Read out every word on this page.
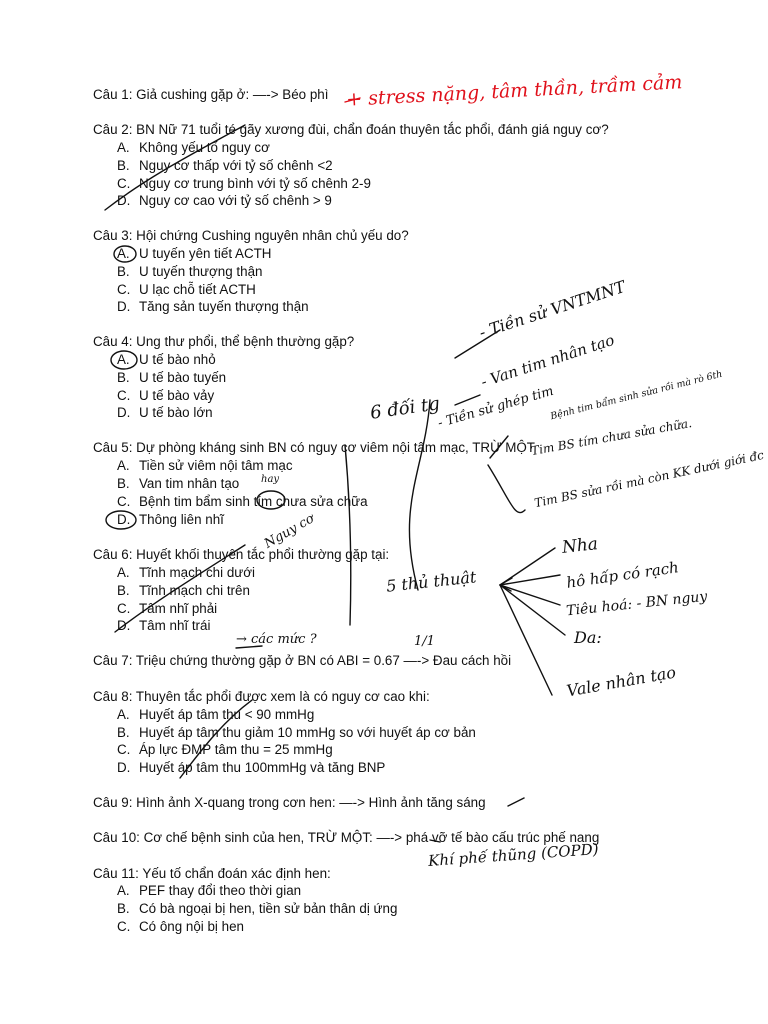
Câu 1: Giả cushing gặp ở: —-> Béo phì + stress nặng, tâm thần, trầm cảm
Câu 2: BN Nữ 71 tuổi té gãy xương đùi, chẩn đoán thuyên tắc phổi, đánh giá nguy cơ?
A. Không yếu tố nguy cơ
B. Nguy cơ thấp với tỷ số chênh <2
C. Nguy cơ trung bình với tỷ số chênh 2-9
D. Nguy cơ cao với tỷ số chênh > 9
Câu 3: Hội chứng Cushing nguyên nhân chủ yếu do?
A. U tuyến yên tiết ACTH
B. U tuyến thượng thận
C. U lạc chỗ tiết ACTH
D. Tăng sản tuyến thượng thận
Câu 4: Ung thư phổi, thể bệnh thường gặp?
A. U tế bào nhỏ
B. U tế bào tuyến
C. U tế bào vảy
D. U tế bào lớn
Câu 5: Dự phòng kháng sinh BN có nguy cơ viêm nội tâm mạc, TRỪ MỘT
A. Tiền sử viêm nội tâm mạc
B. Van tim nhân tạo
C. Bệnh tim bẩm sinh tím chưa sửa chữa
D. Thông liên nhĩ
Câu 6: Huyết khối thuyên tắc phổi thường gặp tại:
A. Tĩnh mạch chi dưới
B. Tĩnh mạch chi trên
C. Tâm nhĩ phải
D. Tâm nhĩ trái
Câu 7: Triệu chứng thường gặp ở BN có ABI = 0.67 —-> Đau cách hồi
Câu 8: Thuyên tắc phổi được xem là có nguy cơ cao khi:
A. Huyết áp tâm thu < 90 mmHg
B. Huyết áp tâm thu giảm 10 mmHg so với huyết áp cơ bản
C. Áp lực ĐMP tâm thu = 25 mmHg
D. Huyết áp tâm thu 100mmHg và tăng BNP
Câu 9: Hình ảnh X-quang trong cơn hen: —-> Hình ảnh tăng sáng
Câu 10: Cơ chế bệnh sinh của hen, TRỪ MỘT: —-> phá vỡ tế bào cấu trúc phế nang
Câu 11: Yếu tố chẩn đoán xác định hen:
A. PEF thay đổi theo thời gian
B. Có bà ngoại bị hen, tiền sử bản thân dị ứng
C. Có ông nội bị hen
- Tiền sử VNTMNT
- Van tim nhân tạo
6 đối tg
- Tiền sử ghép tim
Bệnh tim bẩm sinh sửa rồi mà rò 6th
Tim BS tím chưa sửa chữa.
Tim BS sửa rồi mà còn KK dưới giới đc
5 thủ thuật
Nha
hô hấp có rạch
Tiêu hoá: - BN nguy
Da:
Vale nhân tạo
hay
Nguy cơ
→ các mức ?	1/1
Khí phế thũng (COPD)
